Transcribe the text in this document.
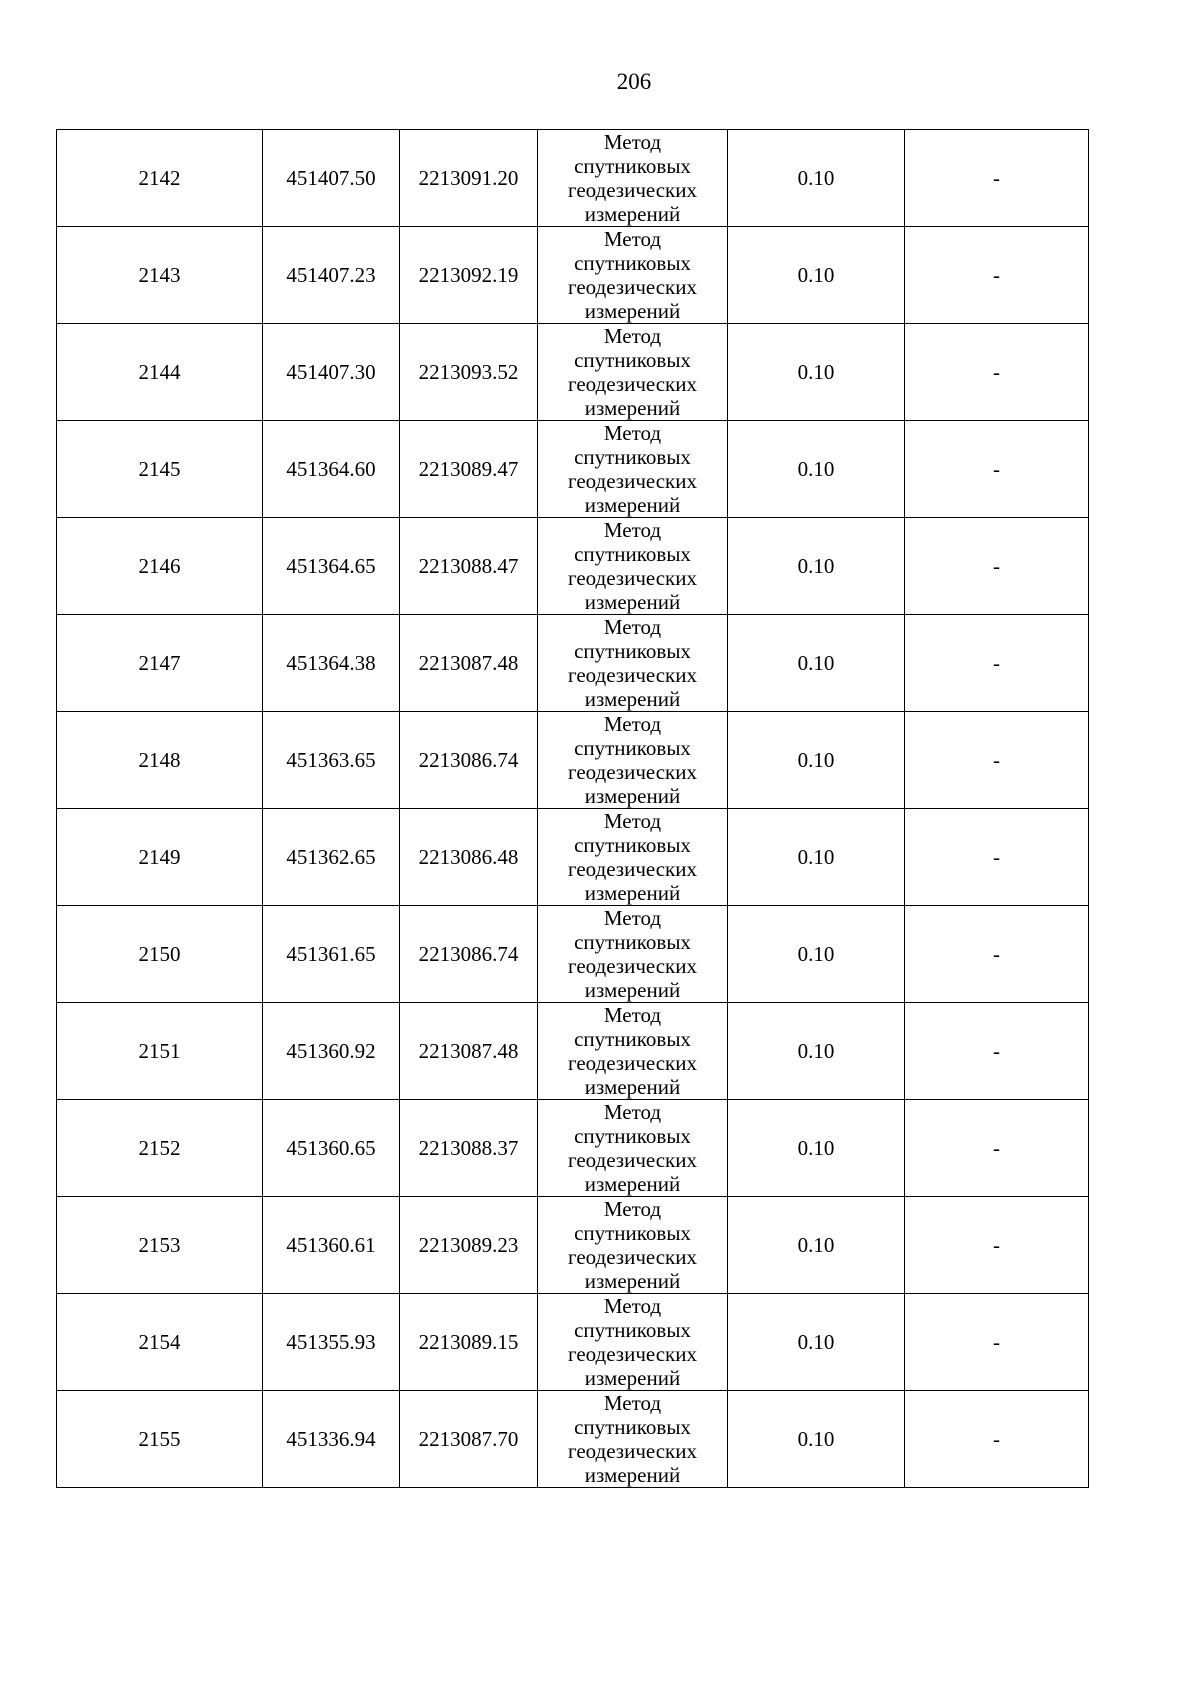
206
2142	451407.50	2213091.20	Метод
спутниковых
геодезических
измерений	0.10	-
2143	451407.23	2213092.19	Метод
спутниковых
геодезических
измерений	0.10	-
2144	451407.30	2213093.52	Метод
спутниковых
геодезических
измерений	0.10	-
2145	451364.60	2213089.47	Метод
спутниковых
геодезических
измерений	0.10	-
2146	451364.65	2213088.47	Метод
спутниковых
геодезических
измерений	0.10	-
2147	451364.38	2213087.48	Метод
спутниковых
геодезических
измерений	0.10	-
2148	451363.65	2213086.74	Метод
спутниковых
геодезических
измерений	0.10	-
2149	451362.65	2213086.48	Метод
спутниковых
геодезических
измерений	0.10	-
2150	451361.65	2213086.74	Метод
спутниковых
геодезических
измерений	0.10	-
2151	451360.92	2213087.48	Метод
спутниковых
геодезических
измерений	0.10	-
2152	451360.65	2213088.37	Метод
спутниковых
геодезических
измерений	0.10	-
2153	451360.61	2213089.23	Метод
спутниковых
геодезических
измерений	0.10	-
2154	451355.93	2213089.15	Метод
спутниковых
геодезических
измерений	0.10	-
2155	451336.94	2213087.70	Метод
спутниковых
геодезических
измерений	0.10	-
